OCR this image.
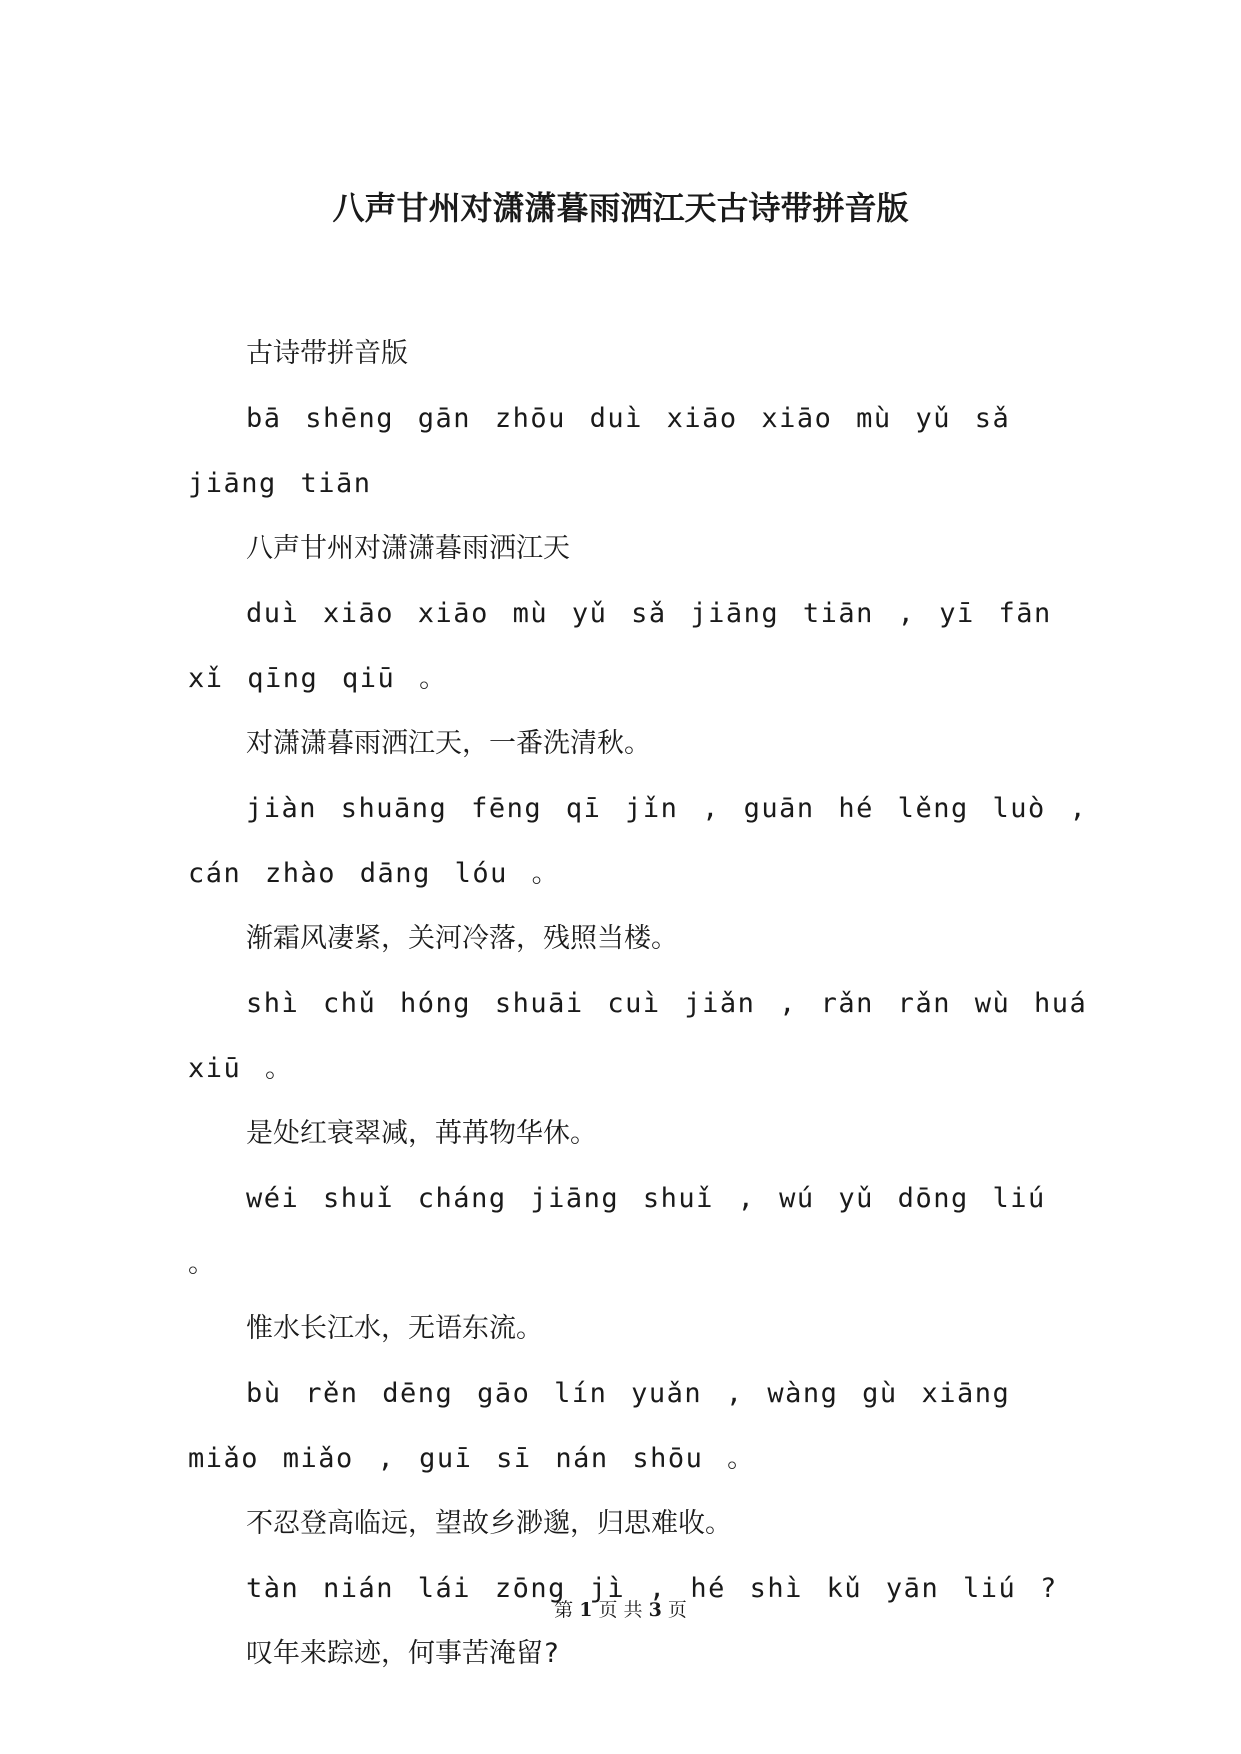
八声甘州对潇潇暮雨洒江天古诗带拼音版

古诗带拼音版

bā shēng gān zhōu duì xiāo xiāo mù yǔ sǎ jiāng tiān

八声甘州对潇潇暮雨洒江天

duì xiāo xiāo mù yǔ sǎ jiāng tiān , yī fān xǐ qīng qiū 。

对潇潇暮雨洒江天，一番洗清秋。

jiàn shuāng fēng qī jǐn , guān hé lěng luò , cán zhào dāng lóu 。

渐霜风凄紧，关河冷落，残照当楼。

shì chǔ hóng shuāi cuì jiǎn , rǎn rǎn wù huá xiū 。

是处红衰翠减，苒苒物华休。

wéi shuǐ cháng jiāng shuǐ , wú yǔ dōng liú 。

惟水长江水，无语东流。

bù rěn dēng gāo lín yuǎn , wàng gù xiāng miǎo miǎo , guī sī nán shōu 。

不忍登高临远，望故乡渺邈，归思难收。

tàn nián lái zōng jì , hé shì kǔ yān liú ?

叹年来踪迹，何事苦淹留?

第 1 页 共 3 页
